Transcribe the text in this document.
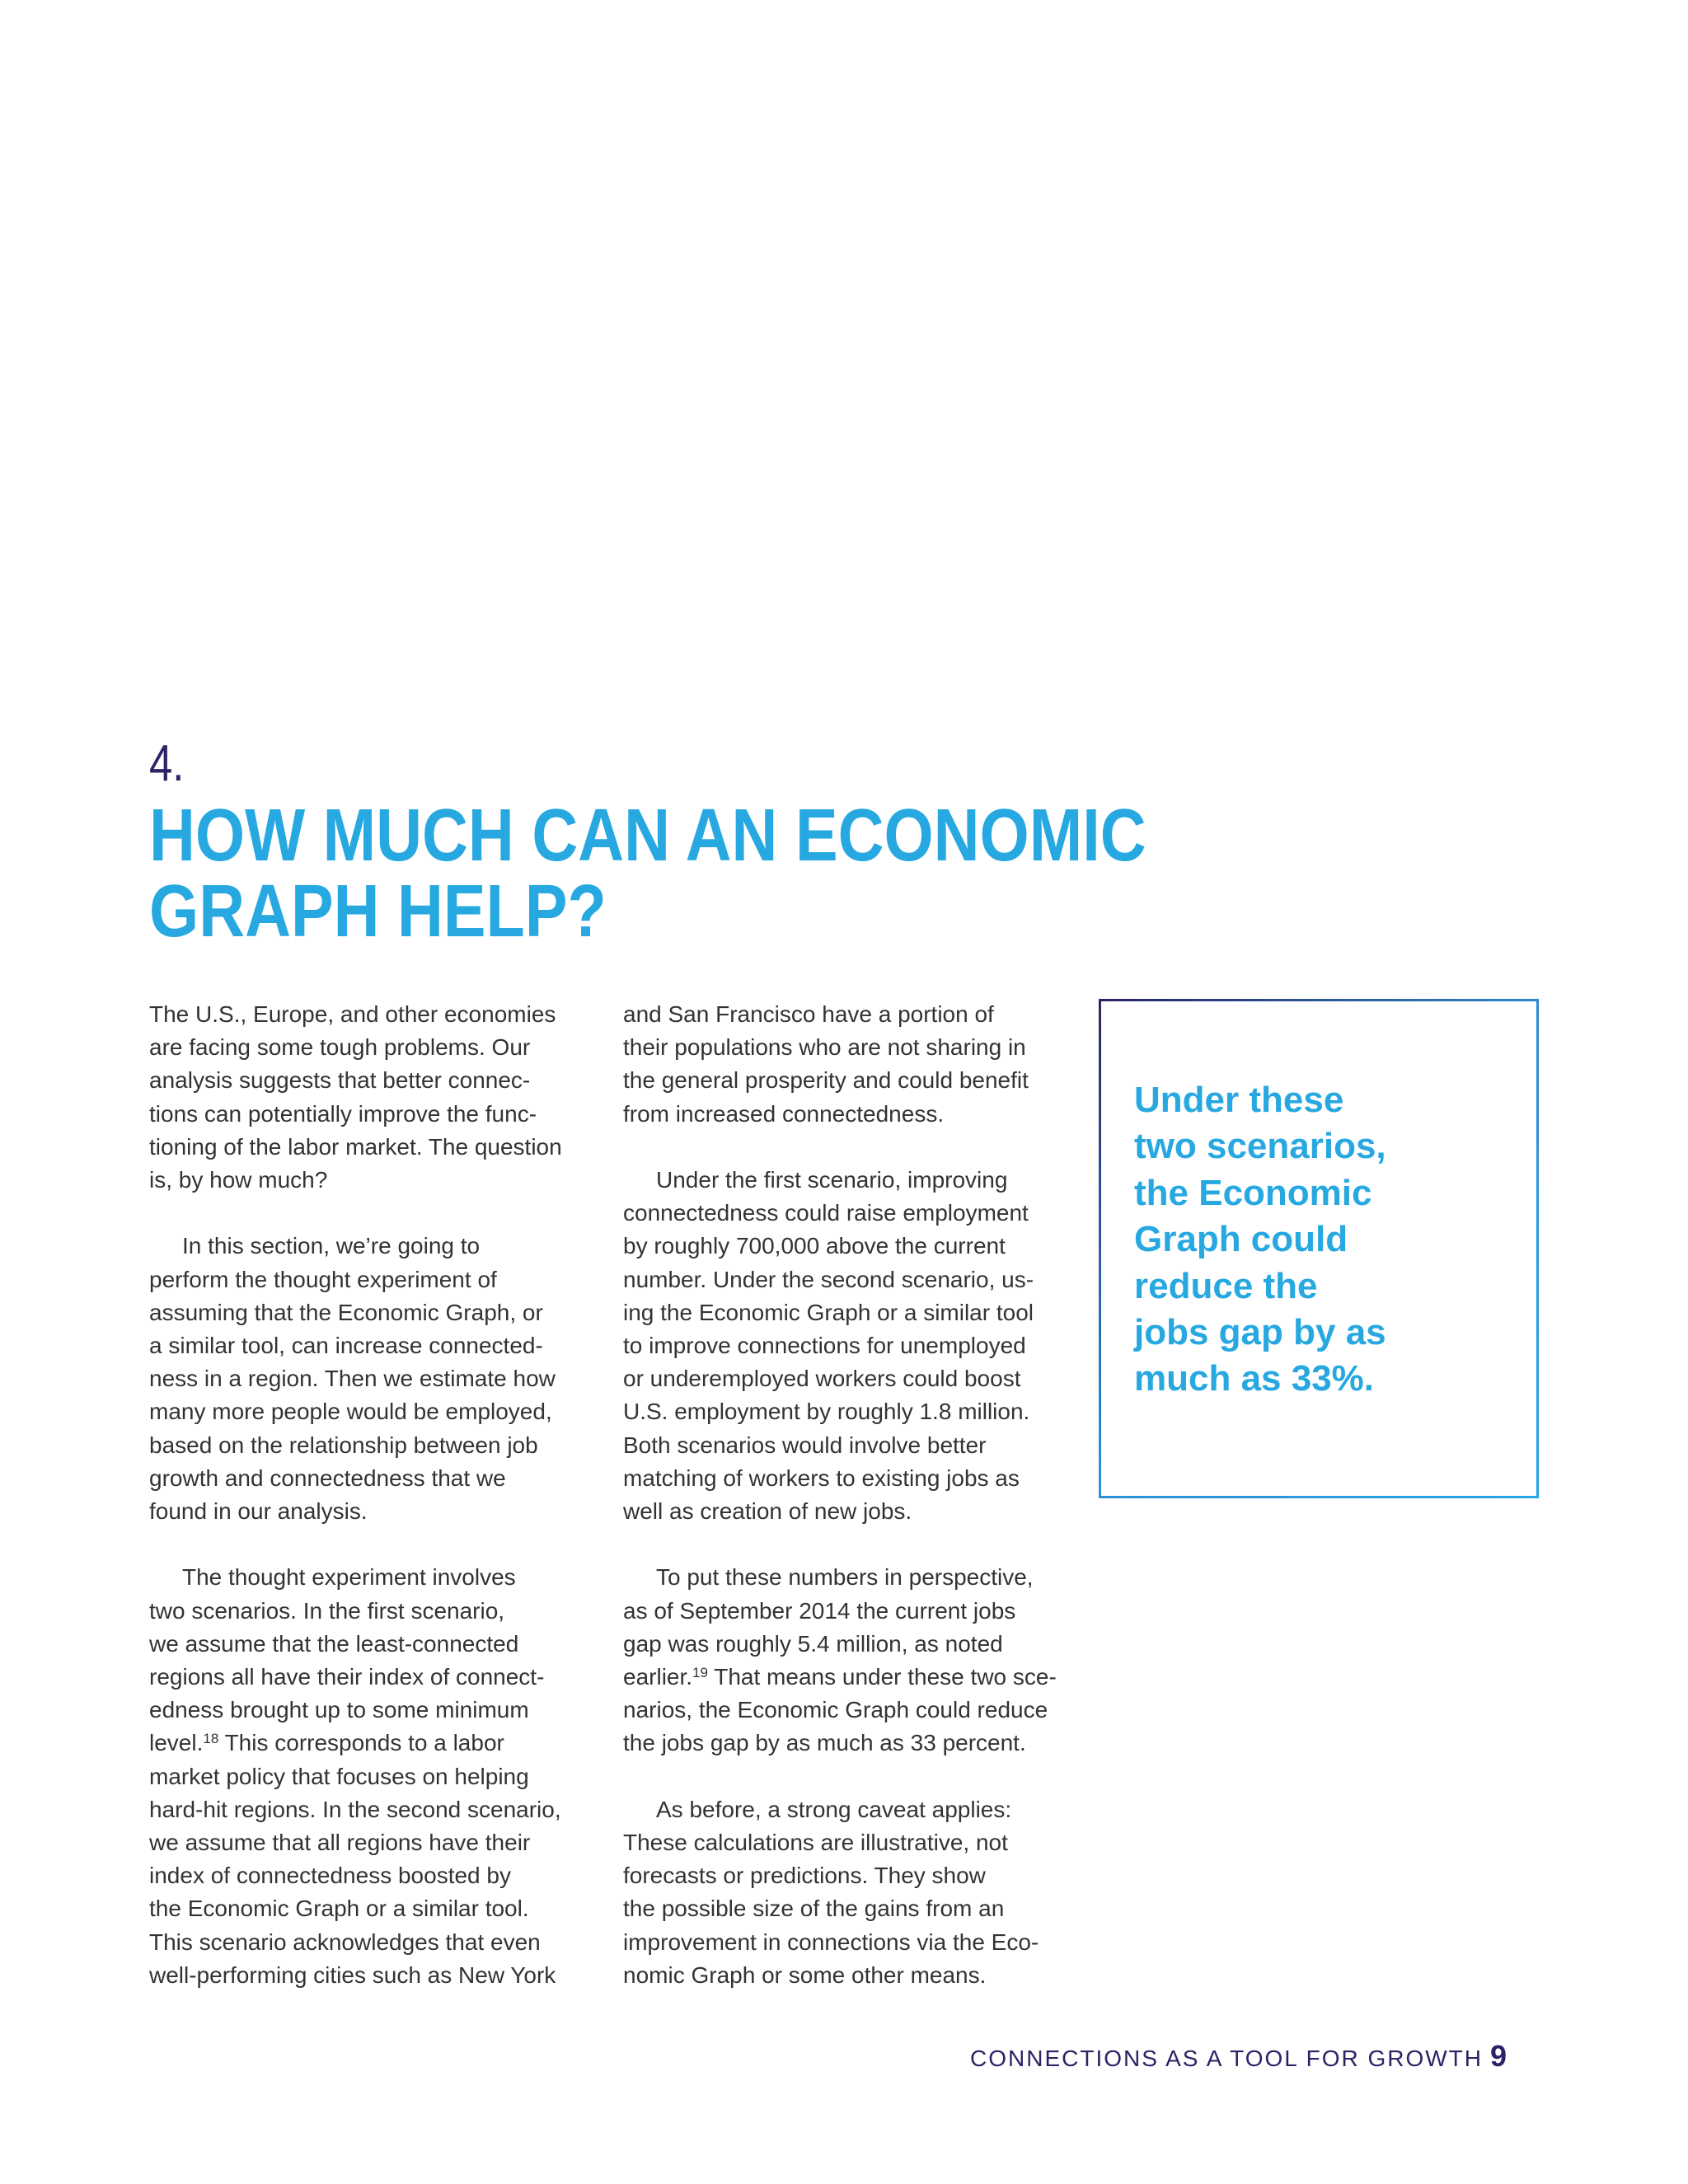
4.
HOW MUCH CAN AN ECONOMIC
GRAPH HELP?
The U.S., Europe, and other economies
are facing some tough problems. Our
analysis suggests that better connec-
tions can potentially improve the func-
tioning of the labor market. The question
is, by how much?
In this section, we’re going to
perform the thought experiment of
assuming that the Economic Graph, or
a similar tool, can increase connected-
ness in a region. Then we estimate how
many more people would be employed,
based on the relationship between job
growth and connectedness that we
found in our analysis.
The thought experiment involves
two scenarios. In the first scenario,
we assume that the least-connected
regions all have their index of connect-
edness brought up to some minimum
level.$^{18}$ This corresponds to a labor
market policy that focuses on helping
hard-hit regions. In the second scenario,
we assume that all regions have their
index of connectedness boosted by
the Economic Graph or a similar tool.
This scenario acknowledges that even
well-performing cities such as New York
and San Francisco have a portion of
their populations who are not sharing in
the general prosperity and could benefit
from increased connectedness.
Under the first scenario, improving
connectedness could raise employment
by roughly 700,000 above the current
number. Under the second scenario, us-
ing the Economic Graph or a similar tool
to improve connections for unemployed
or underemployed workers could boost
U.S. employment by roughly 1.8 million.
Both scenarios would involve better
matching of workers to existing jobs as
well as creation of new jobs.
To put these numbers in perspective,
as of September 2014 the current jobs
gap was roughly 5.4 million, as noted
earlier.$^{19}$ That means under these two sce-
narios, the Economic Graph could reduce
the jobs gap by as much as 33 percent.
As before, a strong caveat applies:
These calculations are illustrative, not
forecasts or predictions. They show
the possible size of the gains from an
improvement in connections via the Eco-
nomic Graph or some other means.
Under these
two scenarios,
the Economic
Graph could
reduce the
jobs gap by as
much as 33%.
CONNECTIONS AS A TOOL FOR GROWTH 9
